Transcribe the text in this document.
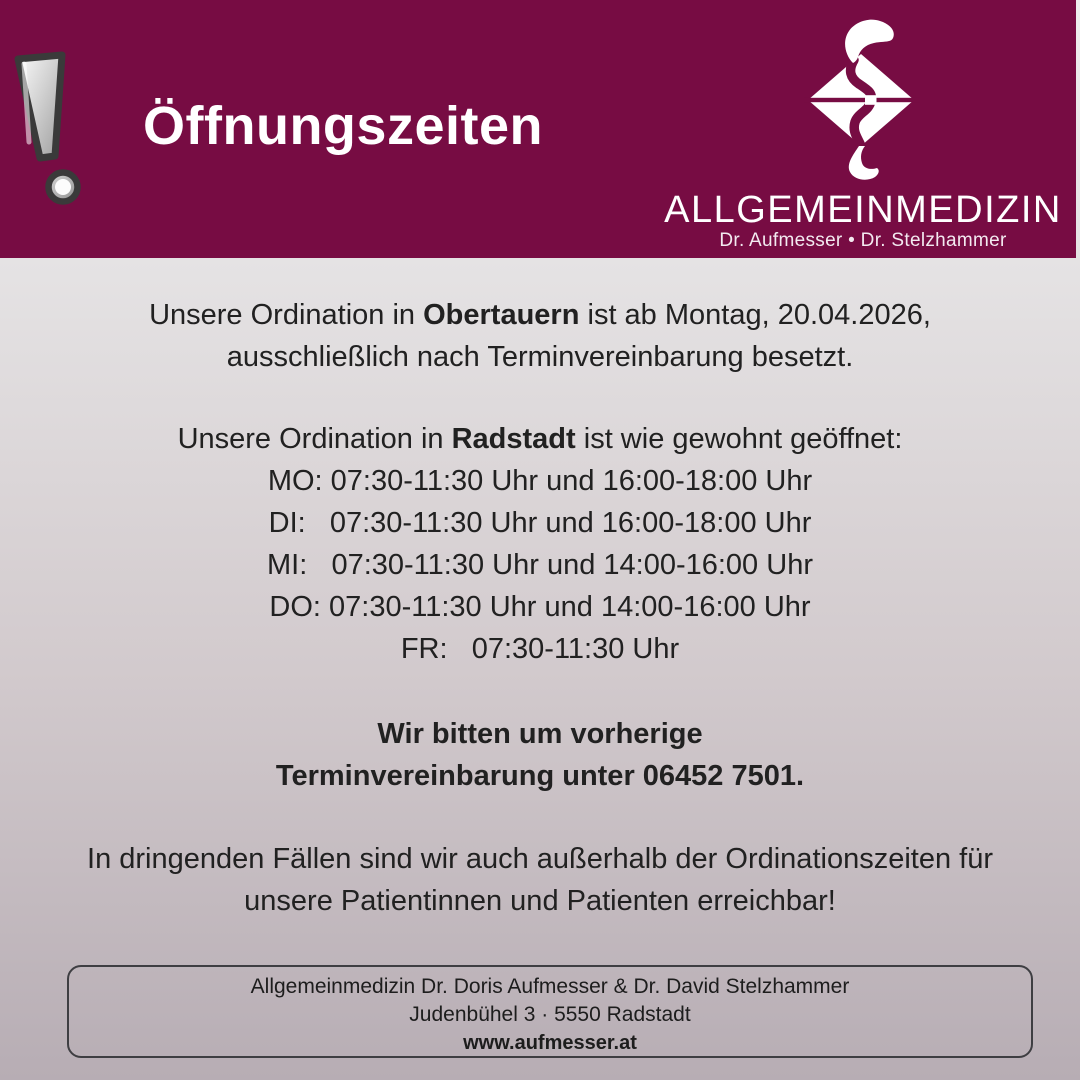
Öffnungszeiten

ALLGEMEINMEDIZIN

Dr. Aufmesser • Dr. Stelzhammer

Unsere Ordination in Obertauern ist ab Montag, 20.04.2026,

ausschließlich nach Terminvereinbarung besetzt.

Unsere Ordination in Radstadt ist wie gewohnt geöffnet:

MO: 07:30-11:30 Uhr und 16:00-18:00 Uhr

DI:   07:30-11:30 Uhr und 16:00-18:00 Uhr

MI:   07:30-11:30 Uhr und 14:00-16:00 Uhr

DO: 07:30-11:30 Uhr und 14:00-16:00 Uhr

FR:   07:30-11:30 Uhr

Wir bitten um vorherige

Terminvereinbarung unter 06452 7501.

In dringenden Fällen sind wir auch außerhalb der Ordinationszeiten für

unsere Patientinnen und Patienten erreichbar!

Allgemeinmedizin Dr. Doris Aufmesser & Dr. David Stelzhammer

Judenbühel 3 · 5550 Radstadt

www.aufmesser.at
